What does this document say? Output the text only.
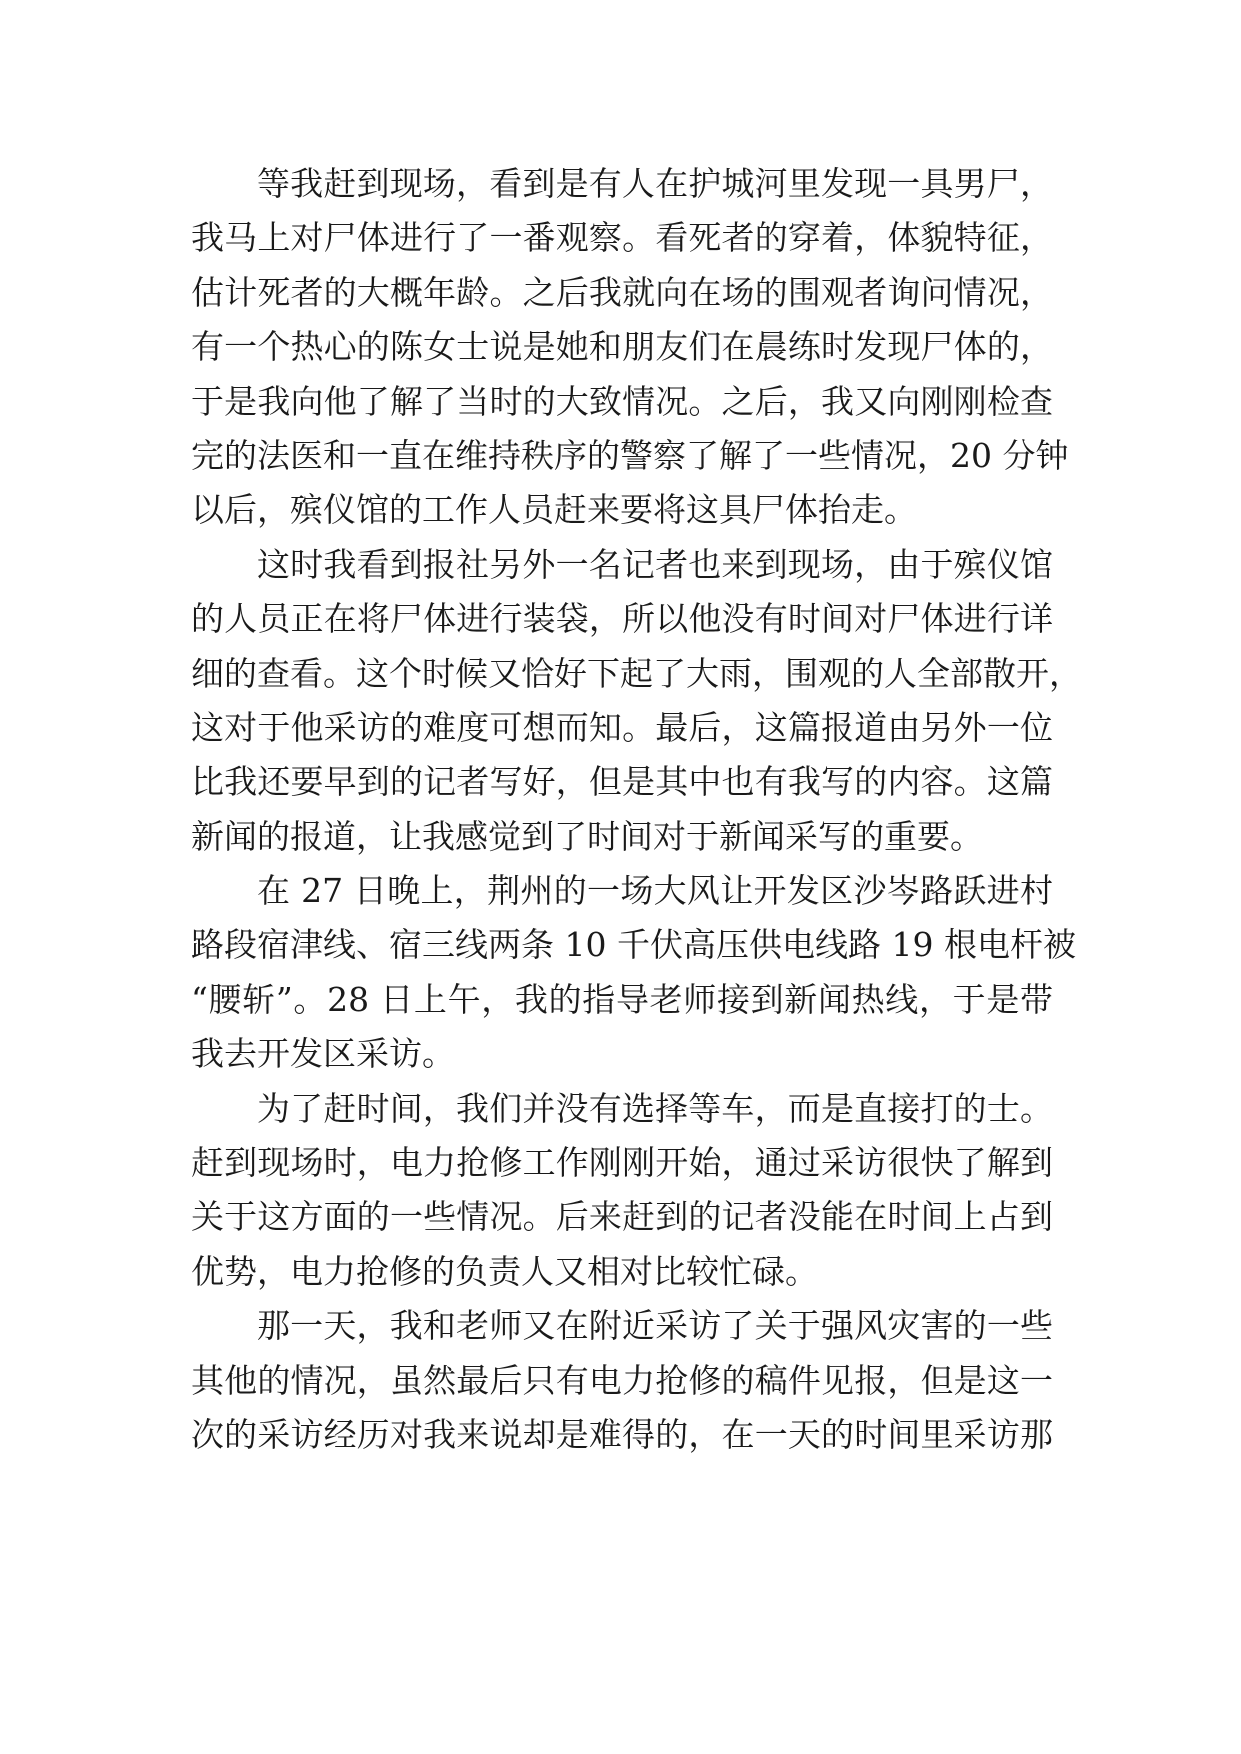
等我赶到现场，看到是有人在护城河里发现一具男尸，
我马上对尸体进行了一番观察。看死者的穿着，体貌特征，
估计死者的大概年龄。之后我就向在场的围观者询问情况，
有一个热心的陈女士说是她和朋友们在晨练时发现尸体的，
于是我向他了解了当时的大致情况。之后，我又向刚刚检查
完的法医和一直在维持秩序的警察了解了一些情况，20 分钟
以后，殡仪馆的工作人员赶来要将这具尸体抬走。
这时我看到报社另外一名记者也来到现场，由于殡仪馆
的人员正在将尸体进行装袋，所以他没有时间对尸体进行详
细的查看。这个时候又恰好下起了大雨，围观的人全部散开，
这对于他采访的难度可想而知。最后，这篇报道由另外一位
比我还要早到的记者写好，但是其中也有我写的内容。这篇
新闻的报道，让我感觉到了时间对于新闻采写的重要。
在 27 日晚上，荆州的一场大风让开发区沙岑路跃进村
路段宿津线、宿三线两条 10 千伏高压供电线路 19 根电杆被
“腰斩”。28 日上午，我的指导老师接到新闻热线，于是带
我去开发区采访。
为了赶时间，我们并没有选择等车，而是直接打的士。
赶到现场时，电力抢修工作刚刚开始，通过采访很快了解到
关于这方面的一些情况。后来赶到的记者没能在时间上占到
优势，电力抢修的负责人又相对比较忙碌。
那一天，我和老师又在附近采访了关于强风灾害的一些
其他的情况，虽然最后只有电力抢修的稿件见报，但是这一
次的采访经历对我来说却是难得的，在一天的时间里采访那
